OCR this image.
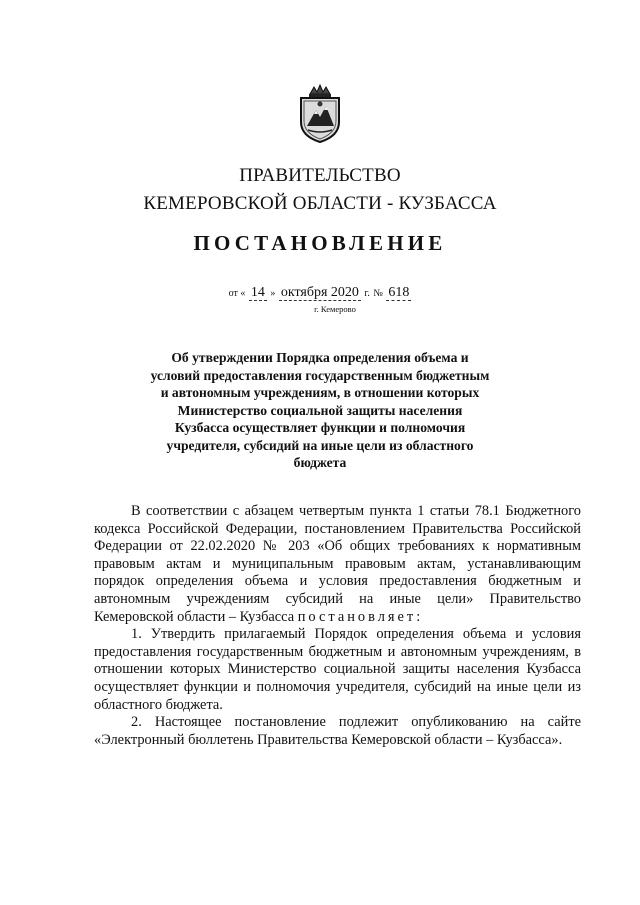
ПРАВИТЕЛЬСТВО
КЕМЕРОВСКОЙ ОБЛАСТИ - КУЗБАССА
ПОСТАНОВЛЕНИЕ
от « 14 » октября 2020 г. № 618
г. Кемерово
Об утверждении Порядка определения объема и условий предоставления государственным бюджетным и автономным учреждениям, в отношении которых Министерство социальной защиты населения Кузбасса осуществляет функции и полномочия учредителя, субсидий на иные цели из областного бюджета

В соответствии с абзацем четвертым пункта 1 статьи 78.1 Бюджетного кодекса Российской Федерации, постановлением Правительства Российской Федерации от 22.02.2020 № 203 «Об общих требованиях к нормативным правовым актам и муниципальным правовым актам, устанавливающим порядок определения объема и условия предоставления бюджетным и автономным учреждениям субсидий на иные цели» Правительство Кемеровской области – Кузбасса постановляет:

1. Утвердить прилагаемый Порядок определения объема и условия предоставления государственным бюджетным и автономным учреждениям, в отношении которых Министерство социальной защиты населения Кузбасса осуществляет функции и полномочия учредителя, субсидий на иные цели из областного бюджета.

2. Настоящее постановление подлежит опубликованию на сайте «Электронный бюллетень Правительства Кемеровской области – Кузбасса».
